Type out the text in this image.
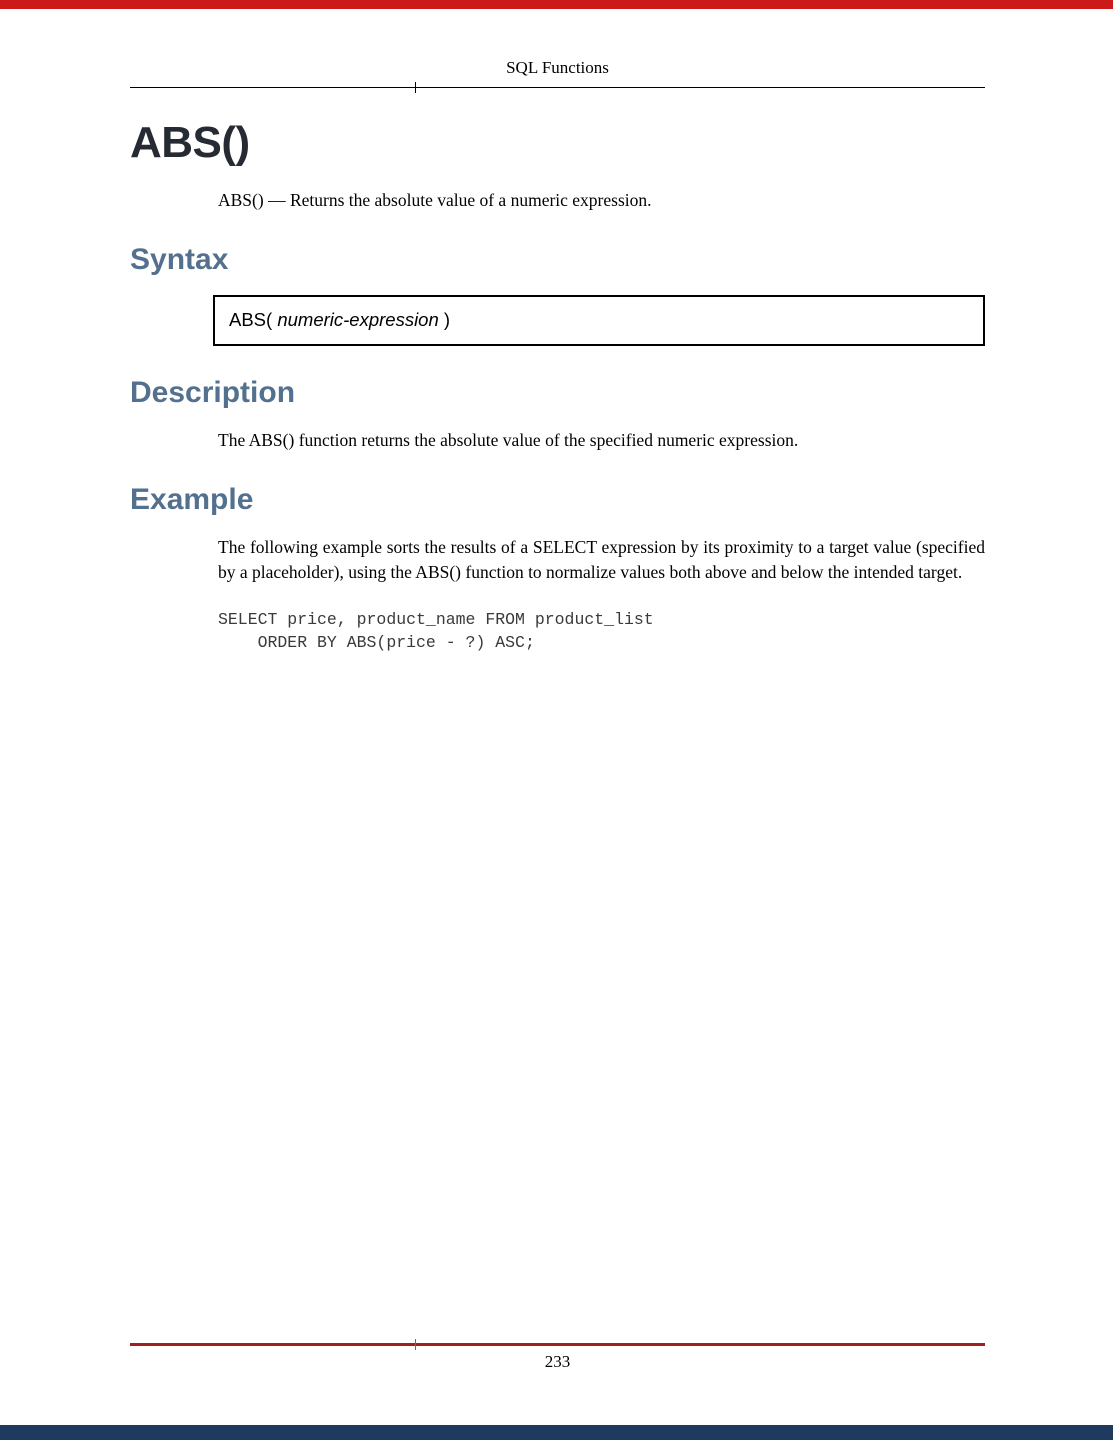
SQL Functions
ABS()

ABS() — Returns the absolute value of a numeric expression.

Syntax
ABS( numeric-expression )
Description

The ABS() function returns the absolute value of the specified numeric expression.

Example

The following example sorts the results of a SELECT expression by its proximity to a target value (specified by a placeholder), using the ABS() function to normalize values both above and below the intended target.

SELECT price, product_name FROM product_list
ORDER BY ABS(price - ?) ASC;
233
